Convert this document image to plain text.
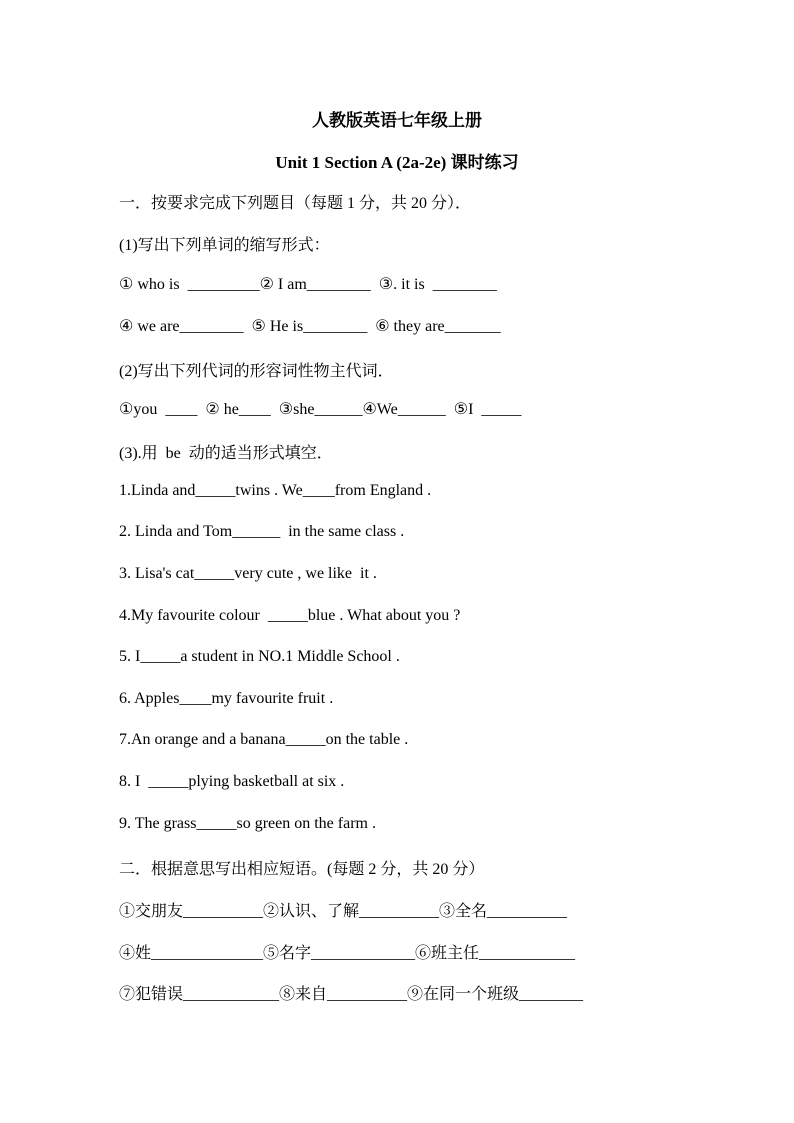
人教版英语七年级上册
Unit 1 Section A (2a-2e) 课时练习
一．按要求完成下列题目（每题 1 分，共 20 分）．
(1)写出下列单词的缩写形式：
① who is  _________② I am________  ③. it is  ________
④ we are________  ⑤ He is________  ⑥ they are_______
(2)写出下列代词的形容词性物主代词．
①you  ____  ② he____  ③she______④We______  ⑤I  _____
(3).用  be  动的适当形式填空．
1.Linda and_____twins . We____from England .
2. Linda and Tom______  in the same class .
3. Lisa's cat_____very cute , we like  it .
4.My favourite colour  _____blue . What about you ?
5. I_____a student in NO.1 Middle School .
6. Apples____my favourite fruit .
7.An orange and a banana_____on the table .
8. I  _____plying basketball at six .
9. The grass_____so green on the farm .
二．根据意思写出相应短语。(每题 2 分，共 20 分）
①交朋友__________②认识、了解__________③全名__________
④姓______________⑤名字_____________⑥班主任____________
⑦犯错误____________⑧来自__________⑨在同一个班级________
